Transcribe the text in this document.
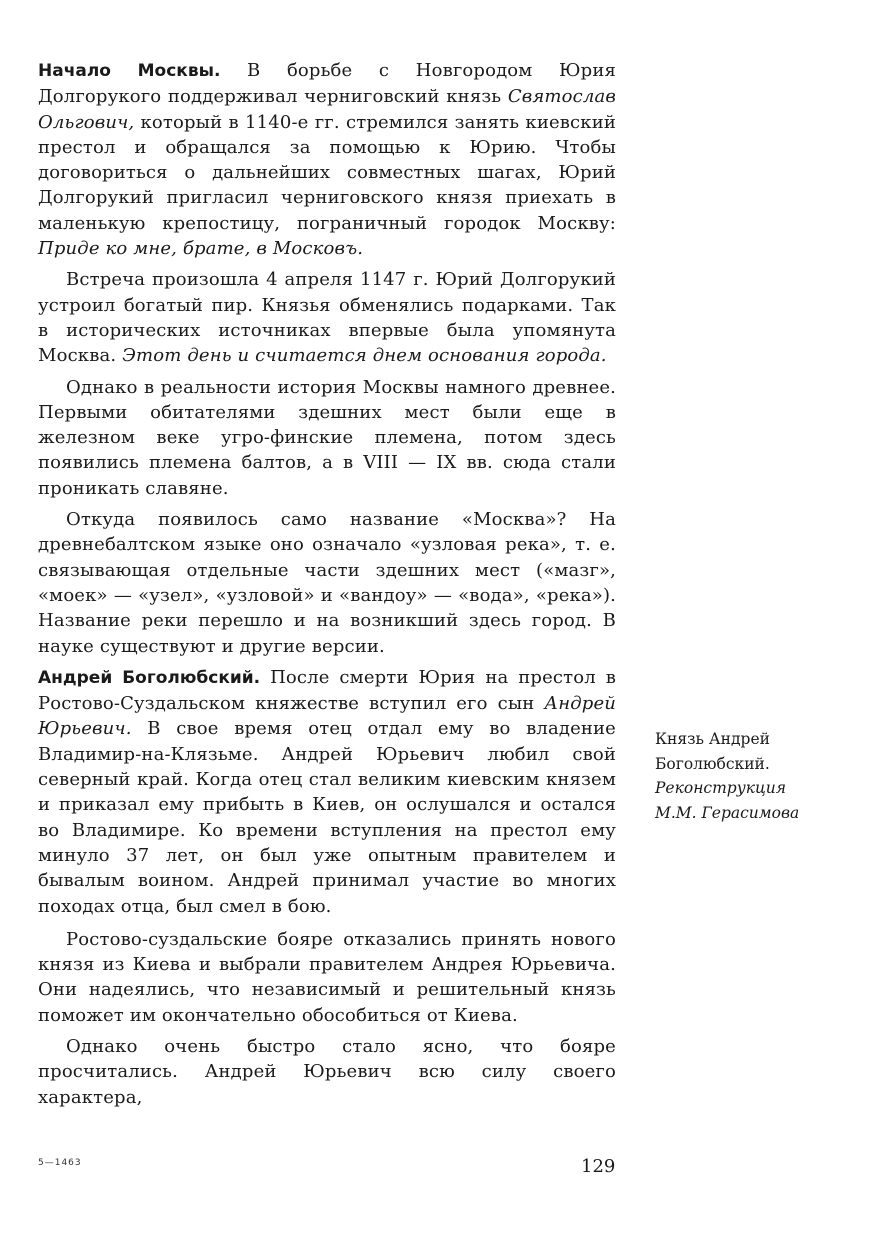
Начало Москвы. В борьбе с Новгородом Юрия Долгорукого поддерживал черниговский князь Святослав Ольгович, который в 1140-е гг. стремился занять киевский престол и обращался за помощью к Юрию. Чтобы договориться о дальнейших совместных шагах, Юрий Долгорукий пригласил черниговского князя приехать в маленькую крепостицу, пограничный городок Москву: Приде ко мне, брате, в Московъ.

Встреча произошла 4 апреля 1147 г. Юрий Долгорукий устроил богатый пир. Князья обменялись подарками. Так в исторических источниках впервые была упомянута Москва. Этот день и считается днем основания города.

Однако в реальности история Москвы намного древнее. Первыми обитателями здешних мест были еще в железном веке угро-финские племена, потом здесь появились племена балтов, а в VIII — IX вв. сюда стали проникать славяне.

Откуда появилось само название «Москва»? На древнебалтском языке оно означало «узловая река», т. е. связывающая отдельные части здешних мест («мазг», «моек» — «узел», «узловой» и «вандоу» — «вода», «река»). Название реки перешло и на возникший здесь город. В науке существуют и другие версии.

Андрей Боголюбский. После смерти Юрия на престол в Ростово-Суздальском княжестве вступил его сын Андрей Юрьевич. В свое время отец отдал ему во владение Владимир-на-Клязьме. Андрей Юрьевич любил свой северный край. Когда отец стал великим киевским князем и приказал ему прибыть в Киев, он ослушался и остался во Владимире. Ко времени вступления на престол ему минуло 37 лет, он был уже опытным правителем и бывалым воином. Андрей принимал участие во многих походах отца, был смел в бою.

Ростово-суздальские бояре отказались принять нового князя из Киева и выбрали правителем Андрея Юрьевича. Они надеялись, что независимый и решительный князь поможет им окончательно обособиться от Киева.

Однако очень быстро стало ясно, что бояре просчитались. Андрей Юрьевич всю силу своего характера,

Князь Андрей
Боголюбский.
Реконструкция
М.М. Герасимова
5—1463	129
